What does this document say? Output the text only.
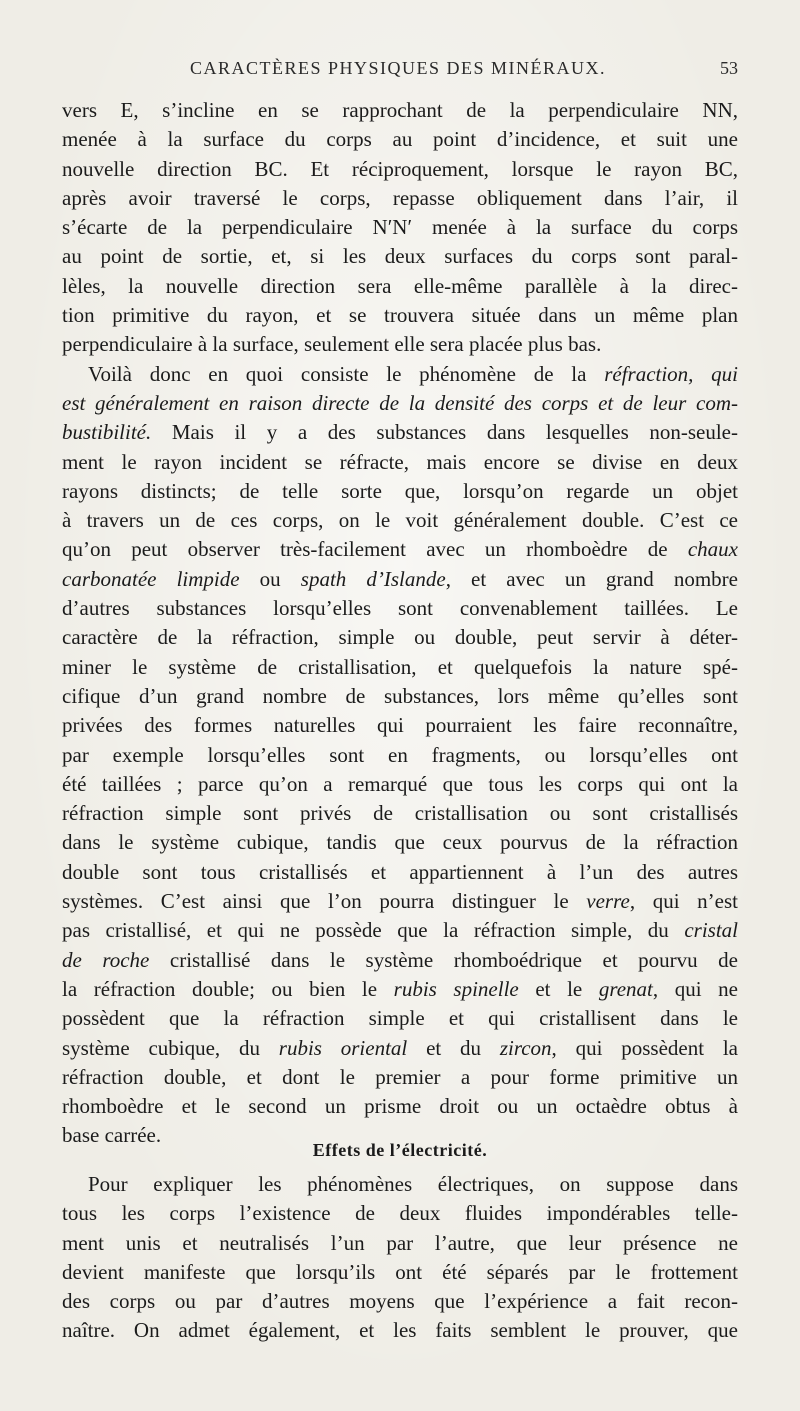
CARACTÈRES PHYSIQUES DES MINÉRAUX.	53
vers E, s’incline en se rapprochant de la perpendiculaire NN,
menée à la surface du corps au point d’incidence, et suit une
nouvelle direction BC. Et réciproquement, lorsque le rayon BC,
après avoir traversé le corps, repasse obliquement dans l’air, il
s’écarte de la perpendiculaire N′N′ menée à la surface du corps
au point de sortie, et, si les deux surfaces du corps sont paral-
lèles, la nouvelle direction sera elle-même parallèle à la direc-
tion primitive du rayon, et se trouvera située dans un même plan
perpendiculaire à la surface, seulement elle sera placée plus bas.
Voilà donc en quoi consiste le phénomène de la réfraction, qui
est généralement en raison directe de la densité des corps et de leur com-
bustibilité. Mais il y a des substances dans lesquelles non-seule-
ment le rayon incident se réfracte, mais encore se divise en deux
rayons distincts; de telle sorte que, lorsqu’on regarde un objet
à travers un de ces corps, on le voit généralement double. C’est ce
qu’on peut observer très-facilement avec un rhomboèdre de chaux
carbonatée limpide ou spath d’Islande, et avec un grand nombre
d’autres substances lorsqu’elles sont convenablement taillées. Le
caractère de la réfraction, simple ou double, peut servir à déter-
miner le système de cristallisation, et quelquefois la nature spé-
cifique d’un grand nombre de substances, lors même qu’elles sont
privées des formes naturelles qui pourraient les faire reconnaître,
par exemple lorsqu’elles sont en fragments, ou lorsqu’elles ont
été taillées ; parce qu’on a remarqué que tous les corps qui ont la
réfraction simple sont privés de cristallisation ou sont cristallisés
dans le système cubique, tandis que ceux pourvus de la réfraction
double sont tous cristallisés et appartiennent à l’un des autres
systèmes. C’est ainsi que l’on pourra distinguer le verre, qui n’est
pas cristallisé, et qui ne possède que la réfraction simple, du cristal
de roche cristallisé dans le système rhomboédrique et pourvu de
la réfraction double; ou bien le rubis spinelle et le grenat, qui ne
possèdent que la réfraction simple et qui cristallisent dans le
système cubique, du rubis oriental et du zircon, qui possèdent la
réfraction double, et dont le premier a pour forme primitive un
rhomboèdre et le second un prisme droit ou un octaèdre obtus à
base carrée.
Effets de l’électricité.
Pour expliquer les phénomènes électriques, on suppose dans
tous les corps l’existence de deux fluides impondérables telle-
ment unis et neutralisés l’un par l’autre, que leur présence ne
devient manifeste que lorsqu’ils ont été séparés par le frottement
des corps ou par d’autres moyens que l’expérience a fait recon-
naître. On admet également, et les faits semblent le prouver, que
